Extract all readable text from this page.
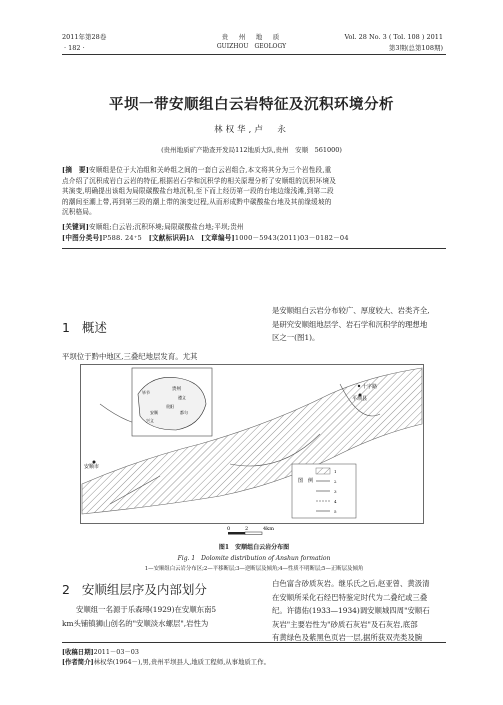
2011年第28卷
· 182 ·
贵　州　地　质
GUIZHOU　GEOLOGY
Vol. 28 No. 3 ( Tol. 108 ) 2011
第3期(总第108期)
平坝一带安顺组白云岩特征及沉积环境分析
林权华,卢　永
(贵州地质矿产勘查开发局112地质大队,贵州　安顺　561000)
[摘　要]安顺组是位于大冶组和关岭组之间的一套白云岩组合,本文将其分为三个岩性段,重
点介绍了沉积成岩白云岩的特征,根据岩石学和沉积学的相关原理分析了安顺组的沉积环境及
其演变,明确提出该组为局限碳酸盐台地沉积,至下而上经历第一段的台地边缘浅滩,到第二段
的潮间至潮上带,再到第三段的潮上带的演变过程,从而形成黔中碳酸盐台地及其前缘缓坡的
沉积格局。
[关键词]安顺组;白云岩;沉积环境;局限碳酸盐台地;平坝;贵州
[中图分类号]P588. 24⁺5　 [文献标识码]A　 [文章编号]1000－5943(2011)03－0182－04
1 概述
平坝位于黔中地区,三叠纪地层发育。尤其
是安顺组白云岩分布较广、厚度较大、岩类齐全,
是研究安顺组地层学、岩石学和沉积学的理想地
区之一(图1)。
贵州
毕节
遵义
贵阳
安顺	都匀
兴义
十字路
平坝县
安顺市
图　例
1
2
3
4
5
0	2	4km
图1　安顺组白云岩分布图
Fig. 1　Dolomite distribution of Anshun formation
1—安顺组白云岩分布区;2—平移断层;3—逆断层及倾角;4—性质不明断层;5—正断层及倾角
2 安顺组层序及内部划分
安顺组一名源于乐森璕(1929)在安顺东南5
km头铺镇狮山创名的"安顺淡水螺层",岩性为
白色富含砂质灰岩。继乐氏之后,赵亚曾、黄汲清
在安顺所采化石经巴特鉴定时代为二叠纪或三叠
纪。许德佑(1933—1934)调安顺城四周"安顺石
灰岩"主要岩性为"砂质石灰岩"及石灰岩,底部
有黄绿色及紫黑色页岩一层,据所获双壳类及腕
[收稿日期]2011－03－03
[作者简介]林权华(1964－),男,贵州平坝县人,地质工程师,从事地质工作。
